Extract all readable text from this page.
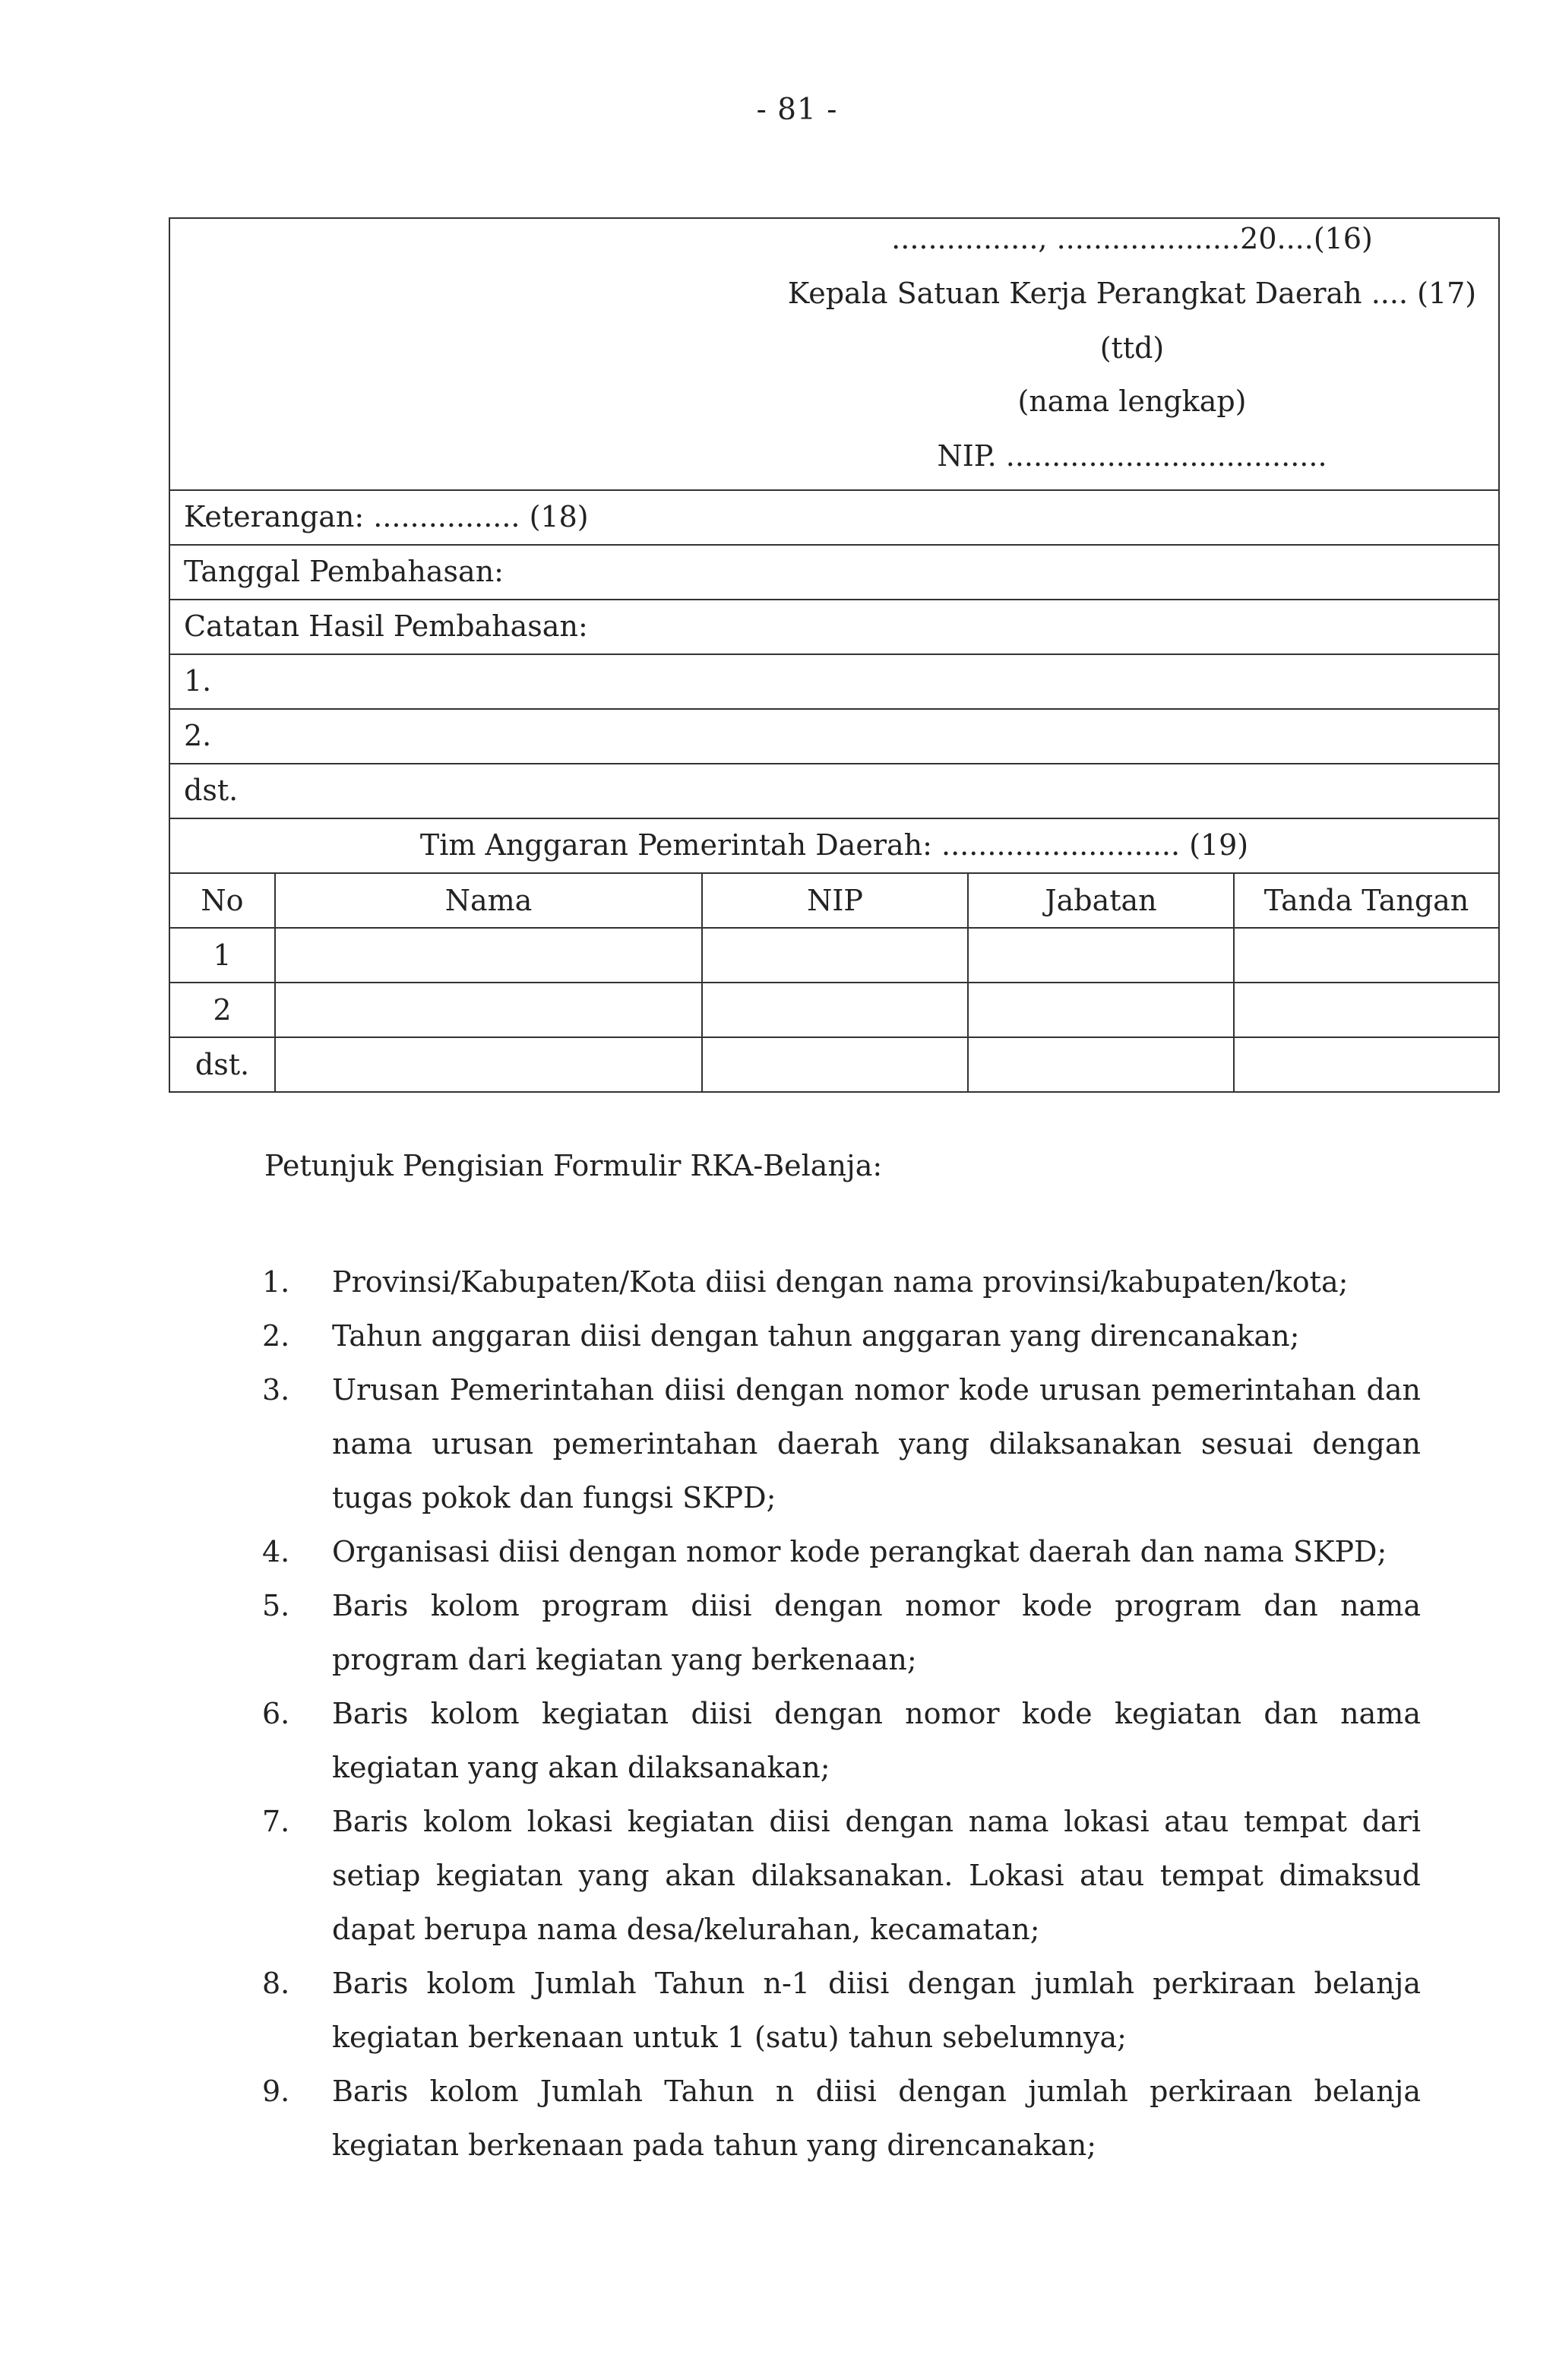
- 81 -
................, ....................20....(16)
Kepala Satuan Kerja Perangkat Daerah .... (17)
(ttd)
(nama lengkap)
NIP. ...................................
Keterangan: ................ (18)
Tanggal Pembahasan:
Catatan Hasil Pembahasan:
1.
2.
dst.
Tim Anggaran Pemerintah Daerah: .......................... (19)
No	Nama	NIP	Jabatan	Tanda Tangan
1				
2				
dst.				
Petunjuk Pengisian Formulir RKA-Belanja:
1.	Provinsi/Kabupaten/Kota diisi dengan nama provinsi/kabupaten/kota;
2.	Tahun anggaran diisi dengan tahun anggaran yang direncanakan;
3.	Urusan Pemerintahan diisi dengan nomor kode urusan pemerintahan dan nama urusan pemerintahan daerah yang dilaksanakan sesuai dengan tugas pokok dan fungsi SKPD;
4.	Organisasi diisi dengan nomor kode perangkat daerah dan nama SKPD;
5.	Baris kolom program diisi dengan nomor kode program dan nama program dari kegiatan yang berkenaan;
6.	Baris kolom kegiatan diisi dengan nomor kode kegiatan dan nama kegiatan yang akan dilaksanakan;
7.	Baris kolom lokasi kegiatan diisi dengan nama lokasi atau tempat dari setiap kegiatan yang akan dilaksanakan. Lokasi atau tempat dimaksud dapat berupa nama desa/kelurahan, kecamatan;
8.	Baris kolom Jumlah Tahun n-1 diisi dengan jumlah perkiraan belanja kegiatan berkenaan untuk 1 (satu) tahun sebelumnya;
9.	Baris kolom Jumlah Tahun n diisi dengan jumlah perkiraan belanja kegiatan berkenaan pada tahun yang direncanakan;
